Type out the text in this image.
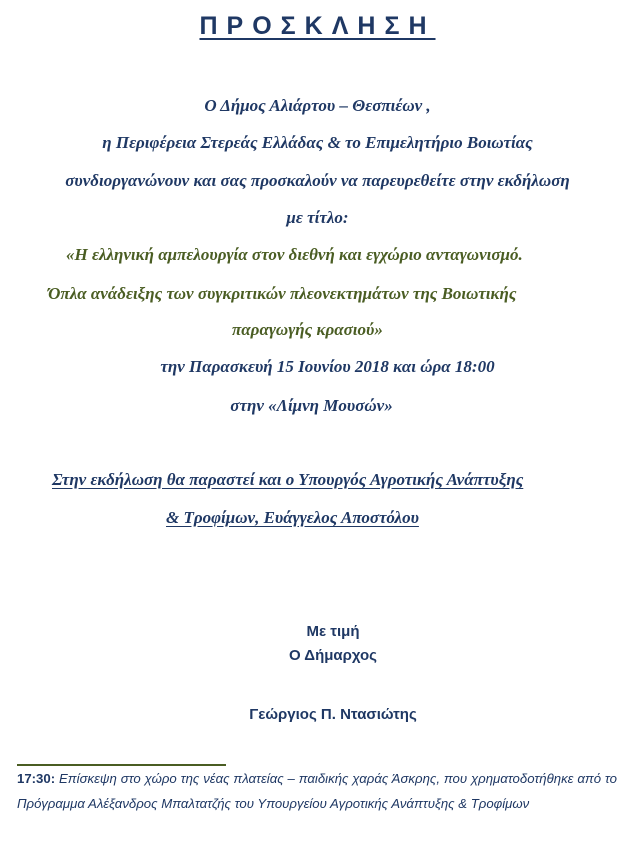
ΠΡΟΣΚΛΗΣΗ
Ο Δήμος Αλιάρτου – Θεσπιέων ,
η Περιφέρεια Στερεάς Ελλάδας & το Επιμελητήριο Βοιωτίας
συνδιοργανώνουν και σας προσκαλούν να παρευρεθείτε στην εκδήλωση
με τίτλο:
«Η ελληνική αμπελουργία στον διεθνή και εγχώριο ανταγωνισμό.
Όπλα ανάδειξης των συγκριτικών πλεονεκτημάτων της Βοιωτικής
παραγωγής κρασιού»
την Παρασκευή 15 Ιουνίου 2018 και ώρα 18:00
στην «Λίμνη Μουσών»
Στην εκδήλωση θα παραστεί και ο Υπουργός Αγροτικής Ανάπτυξης
& Τροφίμων, Ευάγγελος Αποστόλου
Με τιμή
Ο Δήμαρχος
Γεώργιος Π. Ντασιώτης
17:30: Επίσκεψη στο χώρο της νέας πλατείας – παιδικής χαράς Άσκρης, που χρηματοδοτήθηκε από το Πρόγραμμα Αλέξανδρος Μπαλτατζής του Υπουργείου Αγροτικής Ανάπτυξης & Τροφίμων
